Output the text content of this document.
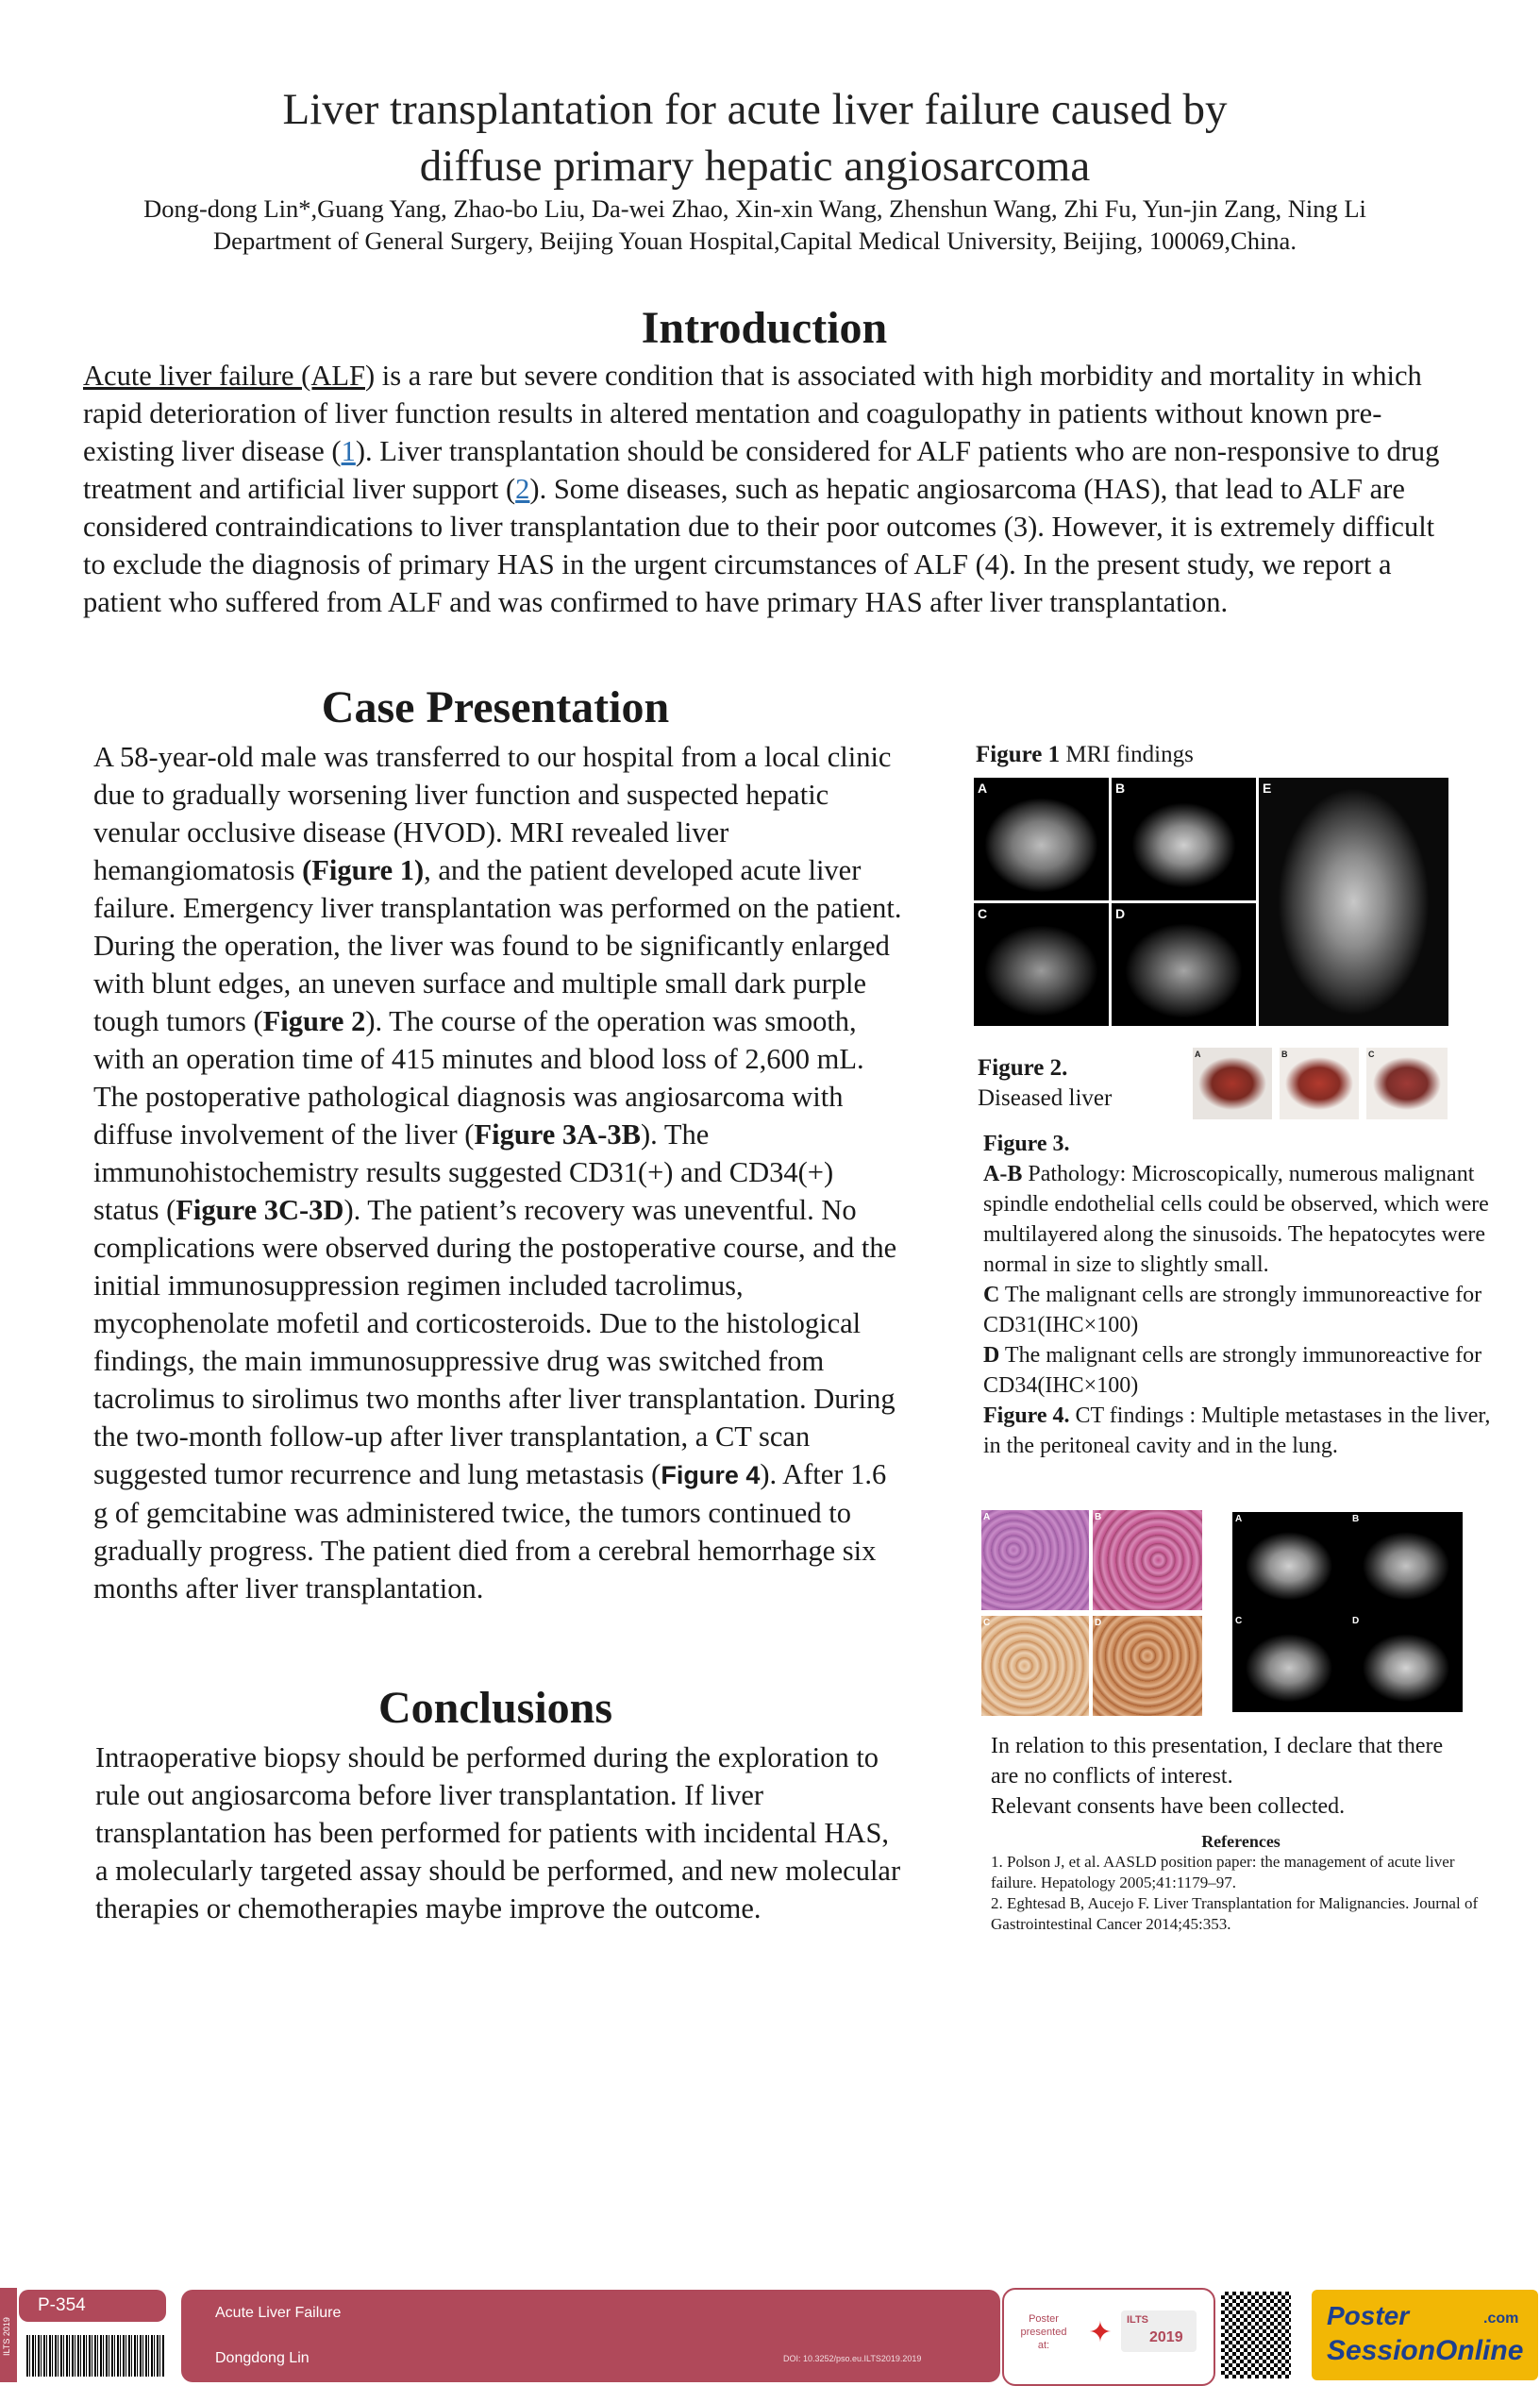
Liver transplantation for acute liver failure caused by
diffuse primary hepatic angiosarcoma
Dong-dong Lin*,Guang Yang, Zhao-bo Liu, Da-wei Zhao, Xin-xin Wang, Zhenshun Wang, Zhi Fu, Yun-jin Zang, Ning Li
Department of General Surgery, Beijing Youan Hospital,Capital Medical University, Beijing, 100069,China.
Introduction
Acute liver failure (ALF) is a rare but severe condition that is associated with high morbidity and mortality in which rapid deterioration of liver function results in altered mentation and coagulopathy in patients without known pre-existing liver disease (1). Liver transplantation should be considered for ALF patients who are non-responsive to drug treatment and artificial liver support (2). Some diseases, such as hepatic angiosarcoma (HAS), that lead to ALF are considered contraindications to liver transplantation due to their poor outcomes (3). However, it is extremely difficult to exclude the diagnosis of primary HAS in the urgent circumstances of ALF (4). In the present study, we report a patient who suffered from ALF and was confirmed to have primary HAS after liver transplantation.
Case Presentation
A 58-year-old male was transferred to our hospital from a local clinic due to gradually worsening liver function and suspected hepatic venular occlusive disease (HVOD). MRI revealed liver hemangiomatosis (Figure 1), and the patient developed acute liver failure. Emergency liver transplantation was performed on the patient. During the operation, the liver was found to be significantly enlarged with blunt edges, an uneven surface and multiple small dark purple tough tumors (Figure 2). The course of the operation was smooth, with an operation time of 415 minutes and blood loss of 2,600 mL. The postoperative pathological diagnosis was angiosarcoma with diffuse involvement of the liver (Figure 3A-3B). The immunohistochemistry results suggested CD31(+) and CD34(+) status (Figure 3C-3D). The patient’s recovery was uneventful. No complications were observed during the postoperative course, and the initial immunosuppression regimen included tacrolimus, mycophenolate mofetil and corticosteroids. Due to the histological findings, the main immunosuppressive drug was switched from tacrolimus to sirolimus two months after liver transplantation. During the two-month follow-up after liver transplantation, a CT scan suggested tumor recurrence and lung metastasis (Figure 4). After 1.6 g of gemcitabine was administered twice, the tumors continued to gradually progress. The patient died from a cerebral hemorrhage six months after liver transplantation.
Conclusions
Intraoperative biopsy should be performed during the exploration to rule out angiosarcoma before liver transplantation. If liver transplantation has been performed for patients with incidental HAS, a molecularly targeted assay should be performed, and new molecular therapies or chemotherapies maybe improve the outcome.
Figure 1 MRI findings
A	B
C	D
E
Figure 2.
Diseased liver
A	B	C
Figure 3.
A-B Pathology: Microscopically, numerous malignant spindle endothelial cells could be observed, which were multilayered along the sinusoids. The hepatocytes were normal in size to slightly small.
C The malignant cells are strongly immunoreactive for CD31(IHC×100)
D The malignant cells are strongly immunoreactive for CD34(IHC×100)
Figure 4. CT findings : Multiple metastases in the liver, in the peritoneal cavity and in the lung.
A	B
C	D
A	B
C	D
In relation to this presentation, I declare that there are no conflicts of interest.
Relevant consents have been collected.
References
1. Polson J, et al. AASLD position paper: the management of acute liver failure. Hepatology 2005;41:1179–97.
2. Eghtesad B, Aucejo F. Liver Transplantation for Malignancies. Journal of Gastrointestinal Cancer 2014;45:353.
ILTS 2019
P-354	Acute Liver Failure
Dongdong Lin	DOI: 10.3252/pso.eu.ILTS2019.2019
Poster presented at:	✦ ILTS
2019
Poster	.com
SessionOnline
